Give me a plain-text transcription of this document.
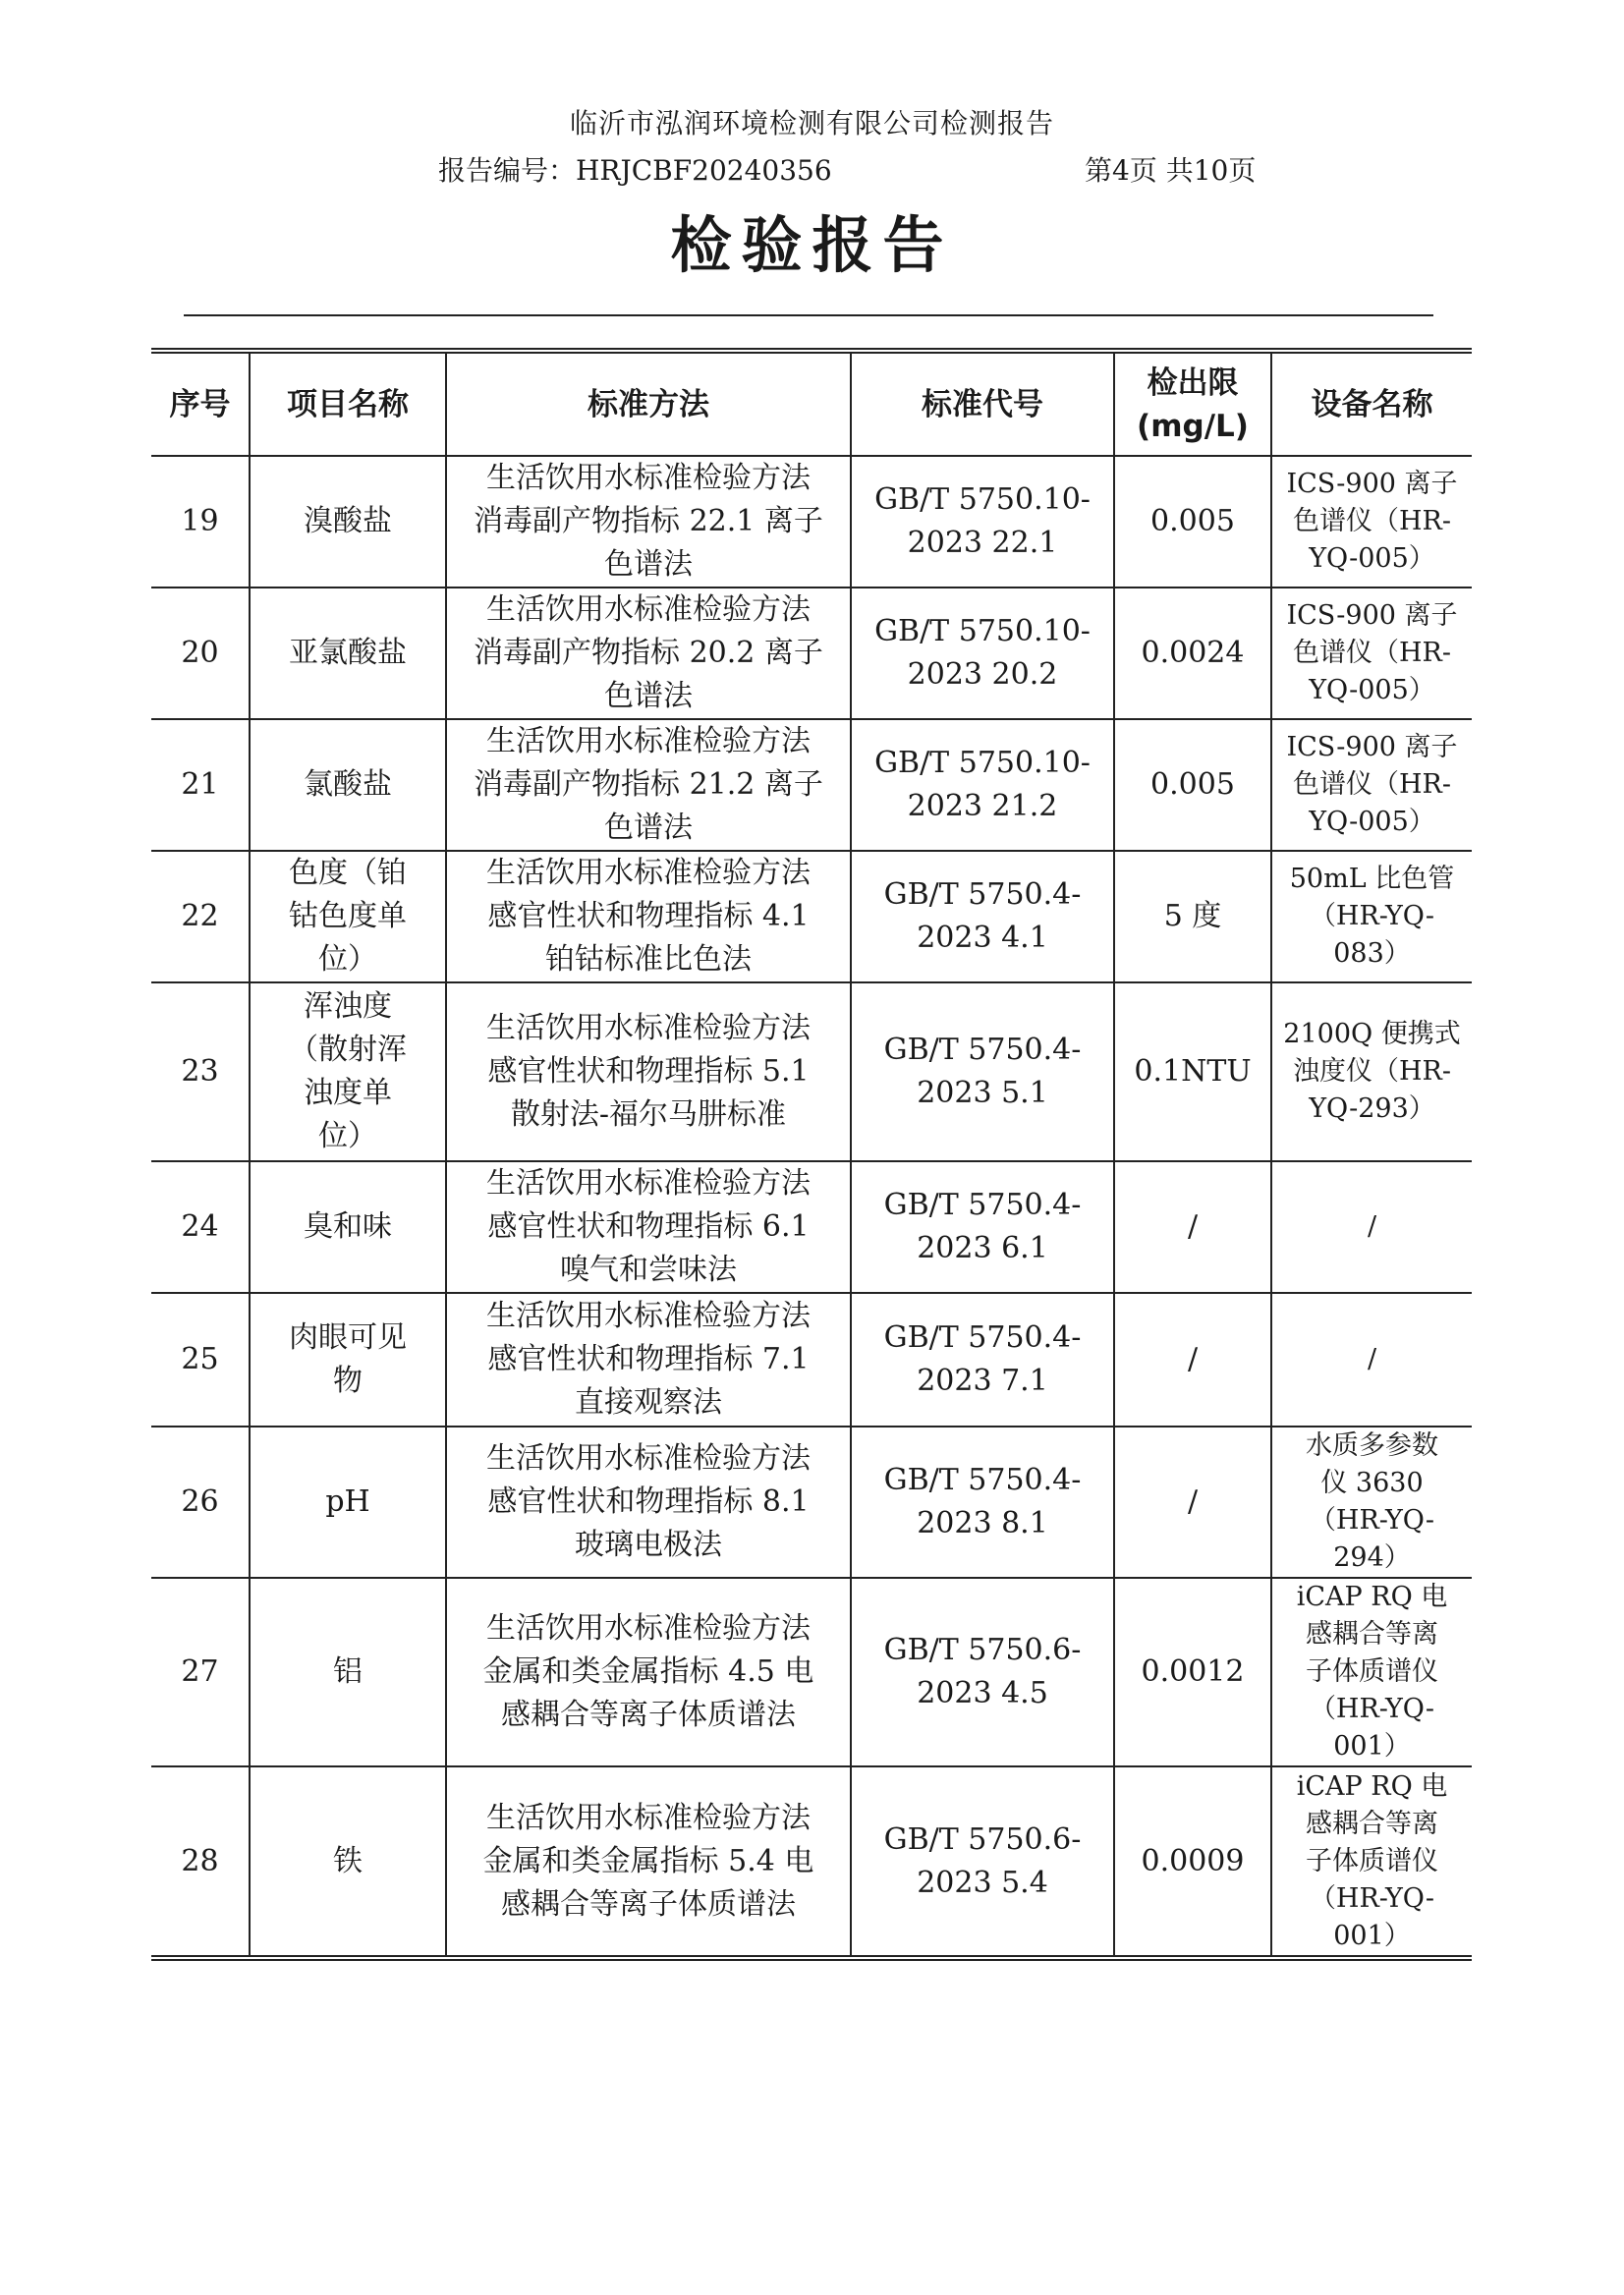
临沂市泓润环境检测有限公司检测报告
报告编号：HRJCBF20240356	第4页 共10页
检验报告
序号	项目名称	标准方法	标准代号	检出限
(mg/L)	设备名称
19	溴酸盐	生活饮用水标准检验方法
消毒副产物指标 22.1 离子
色谱法	GB/T 5750.10-
2023 22.1	0.005	ICS-900 离子
色谱仪（HR-
YQ-005）
20	亚氯酸盐	生活饮用水标准检验方法
消毒副产物指标 20.2 离子
色谱法	GB/T 5750.10-
2023 20.2	0.0024	ICS-900 离子
色谱仪（HR-
YQ-005）
21	氯酸盐	生活饮用水标准检验方法
消毒副产物指标 21.2 离子
色谱法	GB/T 5750.10-
2023 21.2	0.005	ICS-900 离子
色谱仪（HR-
YQ-005）
22	色度（铂
钴色度单
位）	生活饮用水标准检验方法
感官性状和物理指标 4.1
铂钴标准比色法	GB/T 5750.4-
2023 4.1	5 度	50mL 比色管
（HR-YQ-
083）
23	浑浊度
（散射浑
浊度单
位）	生活饮用水标准检验方法
感官性状和物理指标 5.1
散射法-福尔马肼标准	GB/T 5750.4-
2023 5.1	0.1NTU	2100Q 便携式
浊度仪（HR-
YQ-293）
24	臭和味	生活饮用水标准检验方法
感官性状和物理指标 6.1
嗅气和尝味法	GB/T 5750.4-
2023 6.1	/	/
25	肉眼可见
物	生活饮用水标准检验方法
感官性状和物理指标 7.1
直接观察法	GB/T 5750.4-
2023 7.1	/	/
26	pH	生活饮用水标准检验方法
感官性状和物理指标 8.1
玻璃电极法	GB/T 5750.4-
2023 8.1	/	水质多参数
仪 3630
（HR-YQ-
294）
27	铝	生活饮用水标准检验方法
金属和类金属指标 4.5 电
感耦合等离子体质谱法	GB/T 5750.6-
2023 4.5	0.0012	iCAP RQ 电
感耦合等离
子体质谱仪
（HR-YQ-
001）
28	铁	生活饮用水标准检验方法
金属和类金属指标 5.4 电
感耦合等离子体质谱法	GB/T 5750.6-
2023 5.4	0.0009	iCAP RQ 电
感耦合等离
子体质谱仪
（HR-YQ-
001）
